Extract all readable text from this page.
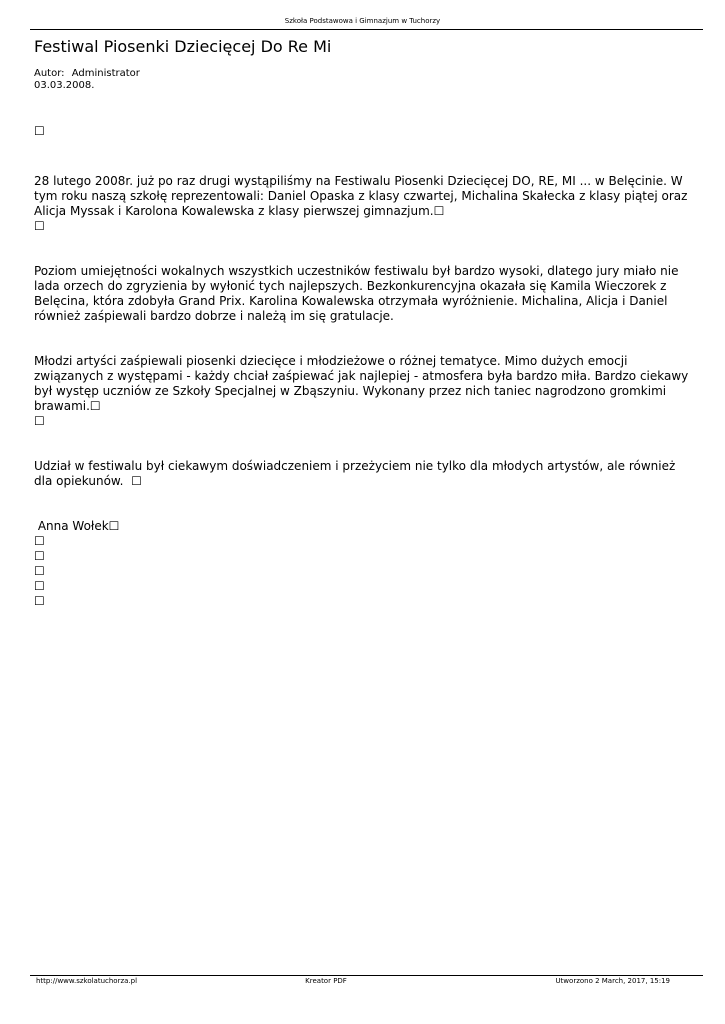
Szkoła Podstawowa i Gimnazjum w Tuchorzy
Festiwal Piosenki Dziecięcej Do Re Mi
Autor: Administrator
03.03.2008.

☐

28 lutego 2008r. już po raz drugi wystąpiliśmy na Festiwalu Piosenki Dziecięcej DO, RE, MI ... w Belęcinie. W tym roku naszą szkołę reprezentowali: Daniel Opaska z klasy czwartej, Michalina Skałecka z klasy piątej oraz Alicja Myssak i Karolona Kowalewska z klasy pierwszej gimnazjum.☐

☐

Poziom umiejętności wokalnych wszystkich uczestników festiwalu był bardzo wysoki, dlatego jury miało nie lada orzech do zgryzienia by wyłonić tych najlepszych. Bezkonkurencyjna okazała się Kamila Wieczorek z Belęcina, która zdobyła Grand Prix. Karolina Kowalewska otrzymała wyróżnienie. Michalina, Alicja i Daniel również zaśpiewali bardzo dobrze i należą im się gratulacje.

Młodzi artyści zaśpiewali piosenki dziecięce i młodzieżowe o różnej tematyce. Mimo dużych emocji związanych z występami - każdy chciał zaśpiewać jak najlepiej - atmosfera była bardzo miła. Bardzo ciekawy był występ uczniów ze Szkoły Specjalnej w Zbąszyniu. Wykonany przez nich taniec nagrodzono gromkimi brawami.☐

☐

Udział w festiwalu był ciekawym doświadczeniem i przeżyciem nie tylko dla młodych artystów, ale również dla opiekunów. ☐

Anna Wołek☐

☐

☐

☐

☐

☐

http://www.szkolatuchorza.pl	Kreator PDF	Utworzono 2 March, 2017, 15:19
